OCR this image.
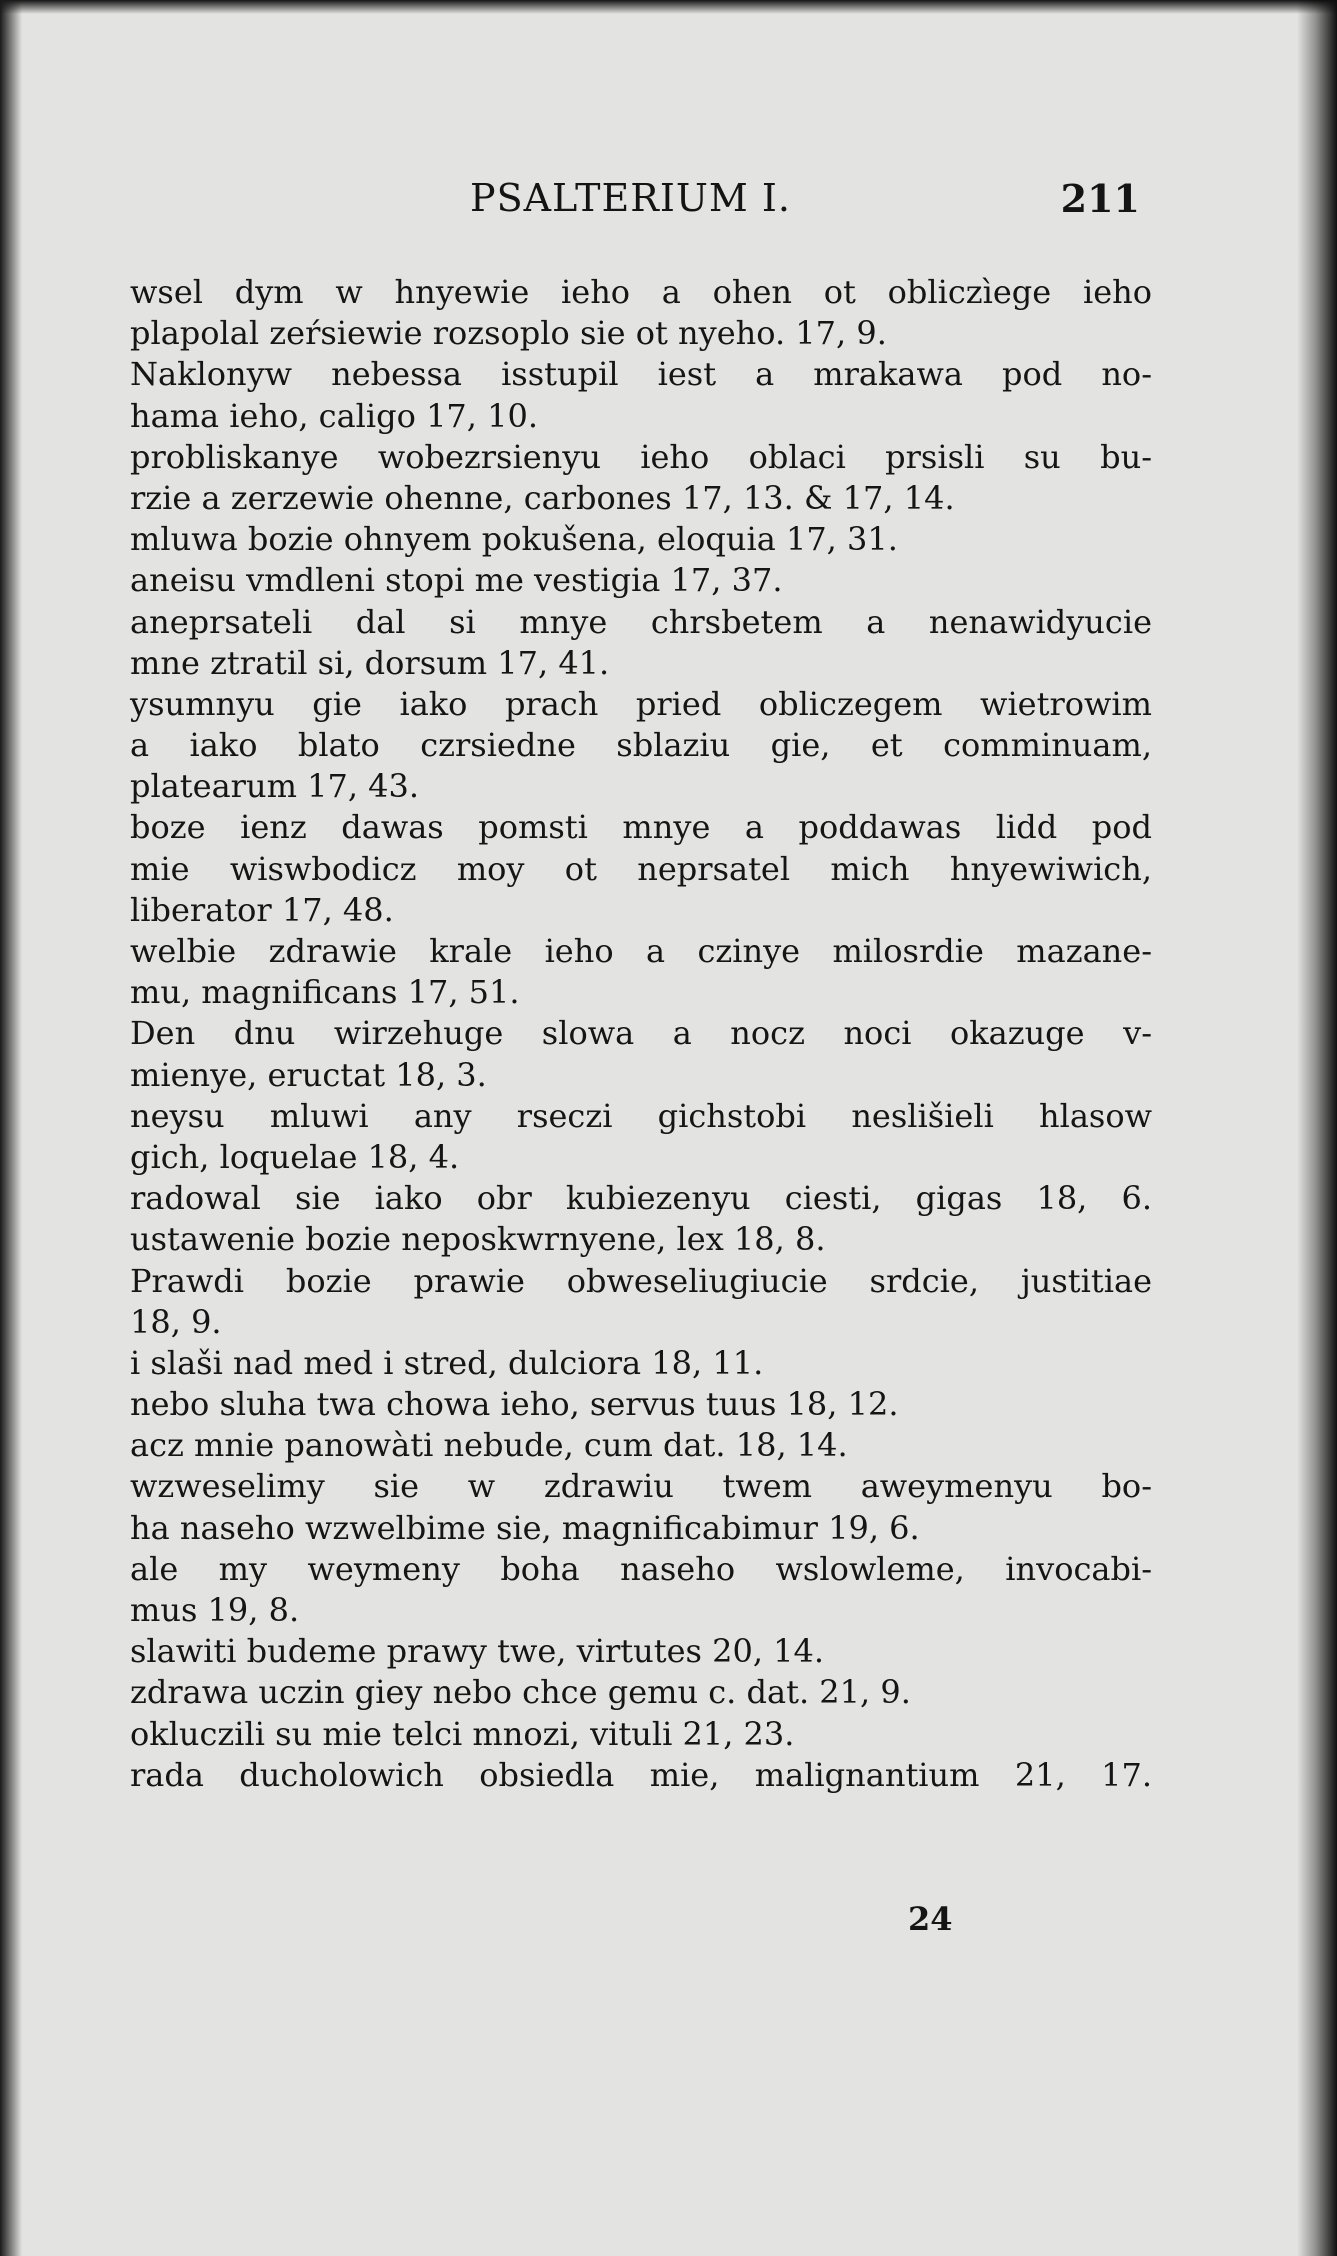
PSALTERIUM I.	211
wsel dym w hnyewie ieho a ohen ot obliczìege ieho
plapolal zeŕsiewie rozsoplo sie ot nyeho. 17, 9.
Naklonyw nebessa isstupil iest a mrakawa pod no-
hama ieho, caligo 17, 10.
probliskanye wobezrsienyu ieho oblaci prsisli su bu-
rzie a zerzewie ohenne, carbones 17, 13. & 17, 14.
mluwa bozie ohnyem pokušena, eloquia 17, 31.
aneisu vmdleni stopi me vestigia 17, 37.
aneprsateli dal si mnye chrsbetem a nenawidyucie
mne ztratil si, dorsum 17, 41.
ysumnyu gie iako prach pried obliczegem wietrowim
a iako blato czrsiedne sblaziu gie, et comminuam,
platearum 17, 43.
boze ienz dawas pomsti mnye a poddawas lidd pod
mie wiswbodicz moy ot neprsatel mich hnyewiwich,
liberator 17, 48.
welbie zdrawie krale ieho a czinye milosrdie mazane-
mu, magnificans 17, 51.
Den dnu wirzehuge slowa a nocz noci okazuge v-
mienye, eructat 18, 3.
neysu mluwi any rseczi gichstobi neslišieli hlasow
gich, loquelae 18, 4.
radowal sie iako obr kubiezenyu ciesti, gigas 18, 6.
ustawenie bozie neposkwrnyene, lex 18, 8.
Prawdi bozie prawie obweseliugiucie srdcie, justitiae
18, 9.
i slaši nad med i stred, dulciora 18, 11.
nebo sluha twa chowa ieho, servus tuus 18, 12.
acz mnie panowàti nebude, cum dat. 18, 14.
wzweselimy sie w zdrawiu twem aweymenyu bo-
ha naseho wzwelbime sie, magnificabimur 19, 6.
ale my weymeny boha naseho wslowleme, invocabi-
mus 19, 8.
slawiti budeme prawy twe, virtutes 20, 14.
zdrawa uczin giey nebo chce gemu c. dat. 21, 9.
okluczili su mie telci mnozi, vituli 21, 23.
rada ducholowich obsiedla mie, malignantium 21, 17.
24
